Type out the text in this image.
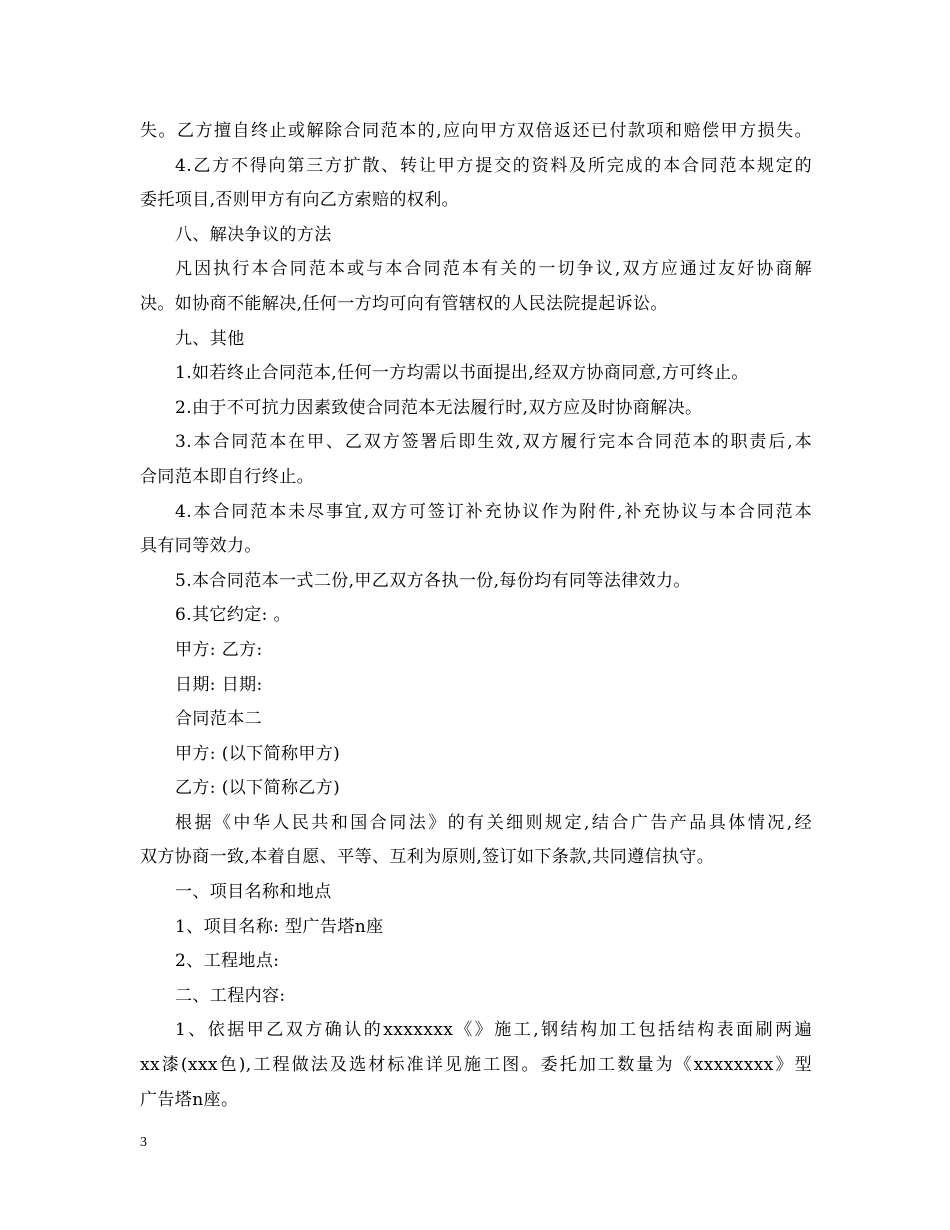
失。乙方擅自终止或解除合同范本的,应向甲方双倍返还已付款项和赔偿甲方损失。
4.乙方不得向第三方扩散、转让甲方提交的资料及所完成的本合同范本规定的
委托项目,否则甲方有向乙方索赔的权利。
八、解决争议的方法
凡因执行本合同范本或与本合同范本有关的一切争议,双方应通过友好协商解
决。如协商不能解决,任何一方均可向有管辖权的人民法院提起诉讼。
九、其他
1.如若终止合同范本,任何一方均需以书面提出,经双方协商同意,方可终止。
2.由于不可抗力因素致使合同范本无法履行时,双方应及时协商解决。
3.本合同范本在甲、乙双方签署后即生效,双方履行完本合同范本的职责后,本
合同范本即自行终止。
4.本合同范本未尽事宜,双方可签订补充协议作为附件,补充协议与本合同范本
具有同等效力。
5.本合同范本一式二份,甲乙双方各执一份,每份均有同等法律效力。
6.其它约定: 。
甲方: 乙方:
日期: 日期:
合同范本二
甲方: (以下简称甲方)
乙方: (以下简称乙方)
根据《中华人民共和国合同法》的有关细则规定,结合广告产品具体情况,经
双方协商一致,本着自愿、平等、互利为原则,签订如下条款,共同遵信执守。
一、项目名称和地点
1、项目名称: 型广告塔n座
2、工程地点:
二、工程内容:
1、依据甲乙双方确认的xxxxxxx《》施工,钢结构加工包括结构表面刷两遍
xx漆(xxx色),工程做法及选材标准详见施工图。委托加工数量为《xxxxxxxx》型
广告塔n座。
3
